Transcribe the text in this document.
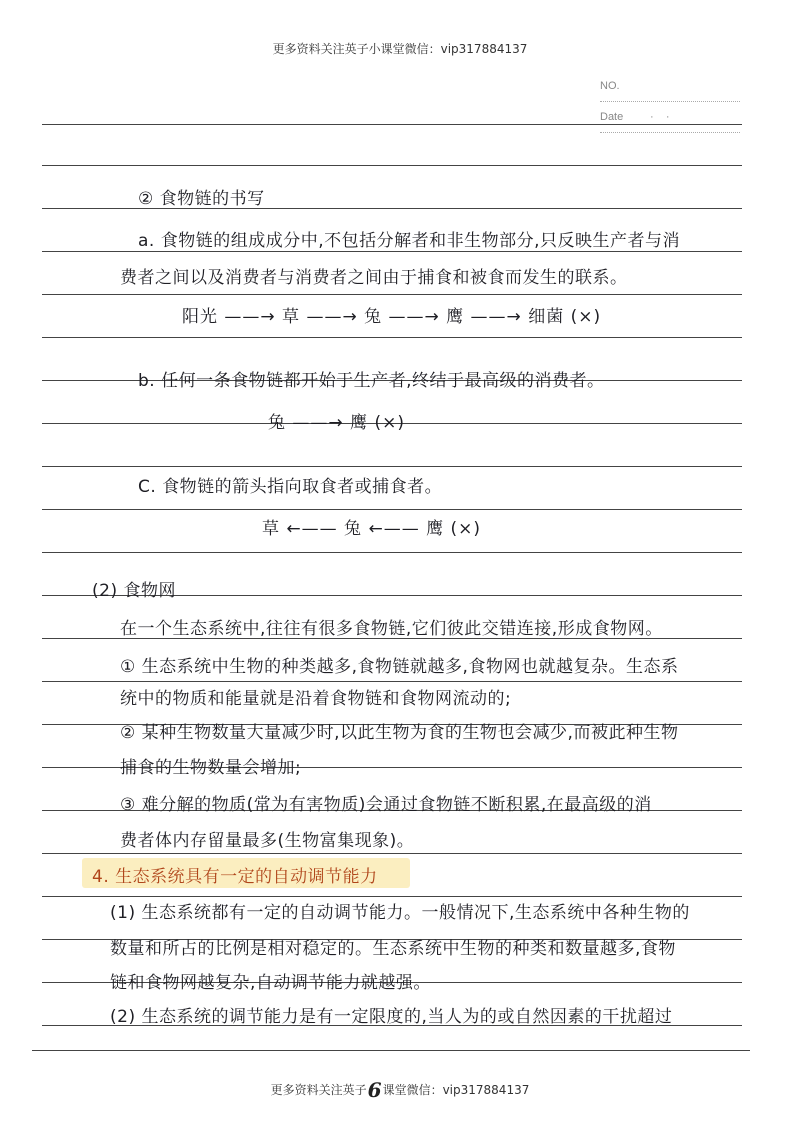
更多资料关注英子小课堂微信：vip317884137
NO.
Date ·    ·
② 食物链的书写
a. 食物链的组成成分中,不包括分解者和非生物部分,只反映生产者与消
费者之间以及消费者与消费者之间由于捕食和被食而发生的联系。
阳光 ——→ 草 ——→ 兔 ——→ 鹰 ——→ 细菌 (×)
b. 任何一条食物链都开始于生产者,终结于最高级的消费者。
兔 ——→ 鹰 (×)
C. 食物链的箭头指向取食者或捕食者。
草 ←—— 兔 ←—— 鹰 (×)
(2) 食物网
在一个生态系统中,往往有很多食物链,它们彼此交错连接,形成食物网。
① 生态系统中生物的种类越多,食物链就越多,食物网也就越复杂。生态系
统中的物质和能量就是沿着食物链和食物网流动的;
② 某种生物数量大量减少时,以此生物为食的生物也会减少,而被此种生物
捕食的生物数量会增加;
③ 难分解的物质(常为有害物质)会通过食物链不断积累,在最高级的消
费者体内存留量最多(生物富集现象)。
4. 生态系统具有一定的自动调节能力
(1) 生态系统都有一定的自动调节能力。一般情况下,生态系统中各种生物的
数量和所占的比例是相对稳定的。生态系统中生物的种类和数量越多,食物
链和食物网越复杂,自动调节能力就越强。
(2) 生态系统的调节能力是有一定限度的,当人为的或自然因素的干扰超过
更多资料关注英子6课堂微信：vip317884137
